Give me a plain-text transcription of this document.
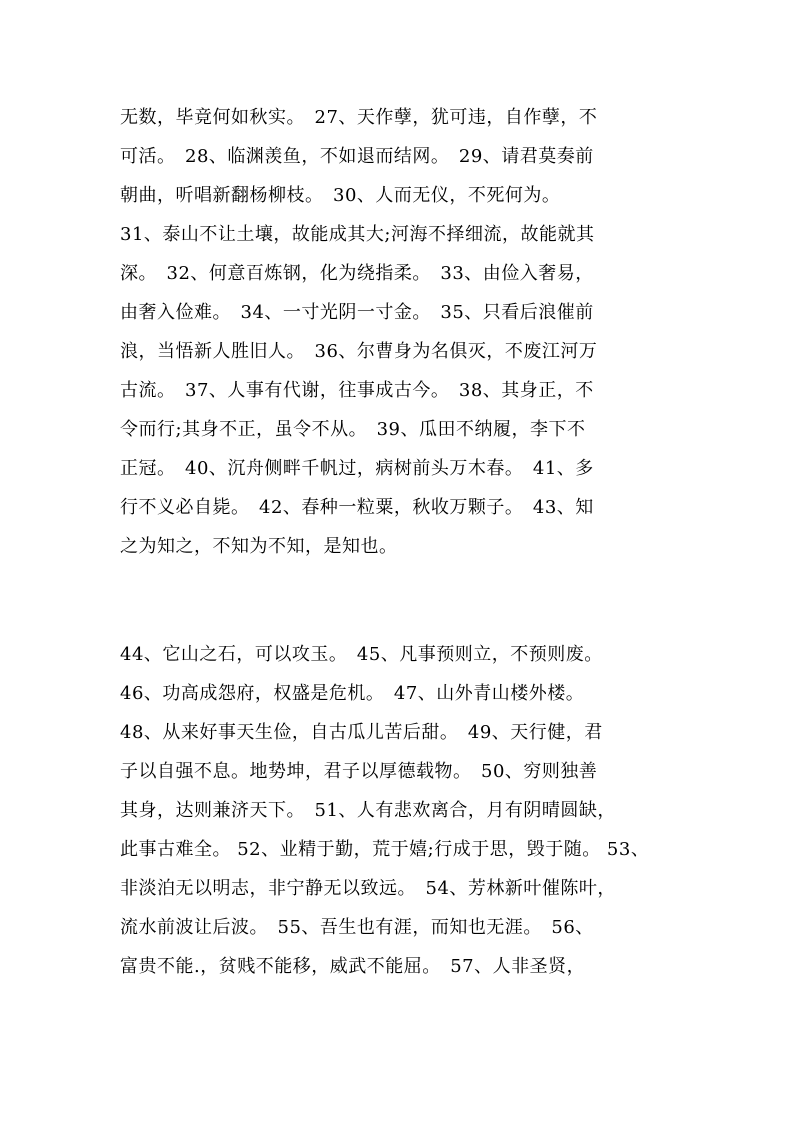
无数，毕竟何如秋实。　27、天作孽，犹可违，自作孽，不
可活。　28、临渊羡鱼，不如退而结网。　29、请君莫奏前
朝曲，听唱新翻杨柳枝。　30、人而无仪，不死何为。
31、泰山不让土壤，故能成其大;河海不择细流，故能就其
深。　32、何意百炼钢，化为绕指柔。　33、由俭入奢易，
由奢入俭难。　34、一寸光阴一寸金。　35、只看后浪催前
浪，当悟新人胜旧人。　36、尔曹身为名俱灭，不废江河万
古流。　37、人事有代谢，往事成古今。　38、其身正，不
令而行;其身不正，虽令不从。　39、瓜田不纳履，李下不
正冠。　40、沉舟侧畔千帆过，病树前头万木春。　41、多
行不义必自毙。　42、春种一粒粟，秋收万颗子。　43、知
之为知之，不知为不知，是知也。
44、它山之石，可以攻玉。　45、凡事预则立，不预则废。
46、功高成怨府，权盛是危机。　47、山外青山楼外楼。
48、从来好事天生俭，自古瓜儿苦后甜。　49、天行健，君
子以自强不息。地势坤，君子以厚德载物。　50、穷则独善
其身，达则兼济天下。　51、人有悲欢离合，月有阴晴圆缺，
此事古难全。 52、业精于勤，荒于嬉;行成于思，毁于随。 53、
非淡泊无以明志，非宁静无以致远。　54、芳林新叶催陈叶，
流水前波让后波。　55、吾生也有涯，而知也无涯。　56、
富贵不能.，贫贱不能移，威武不能屈。　57、人非圣贤，
